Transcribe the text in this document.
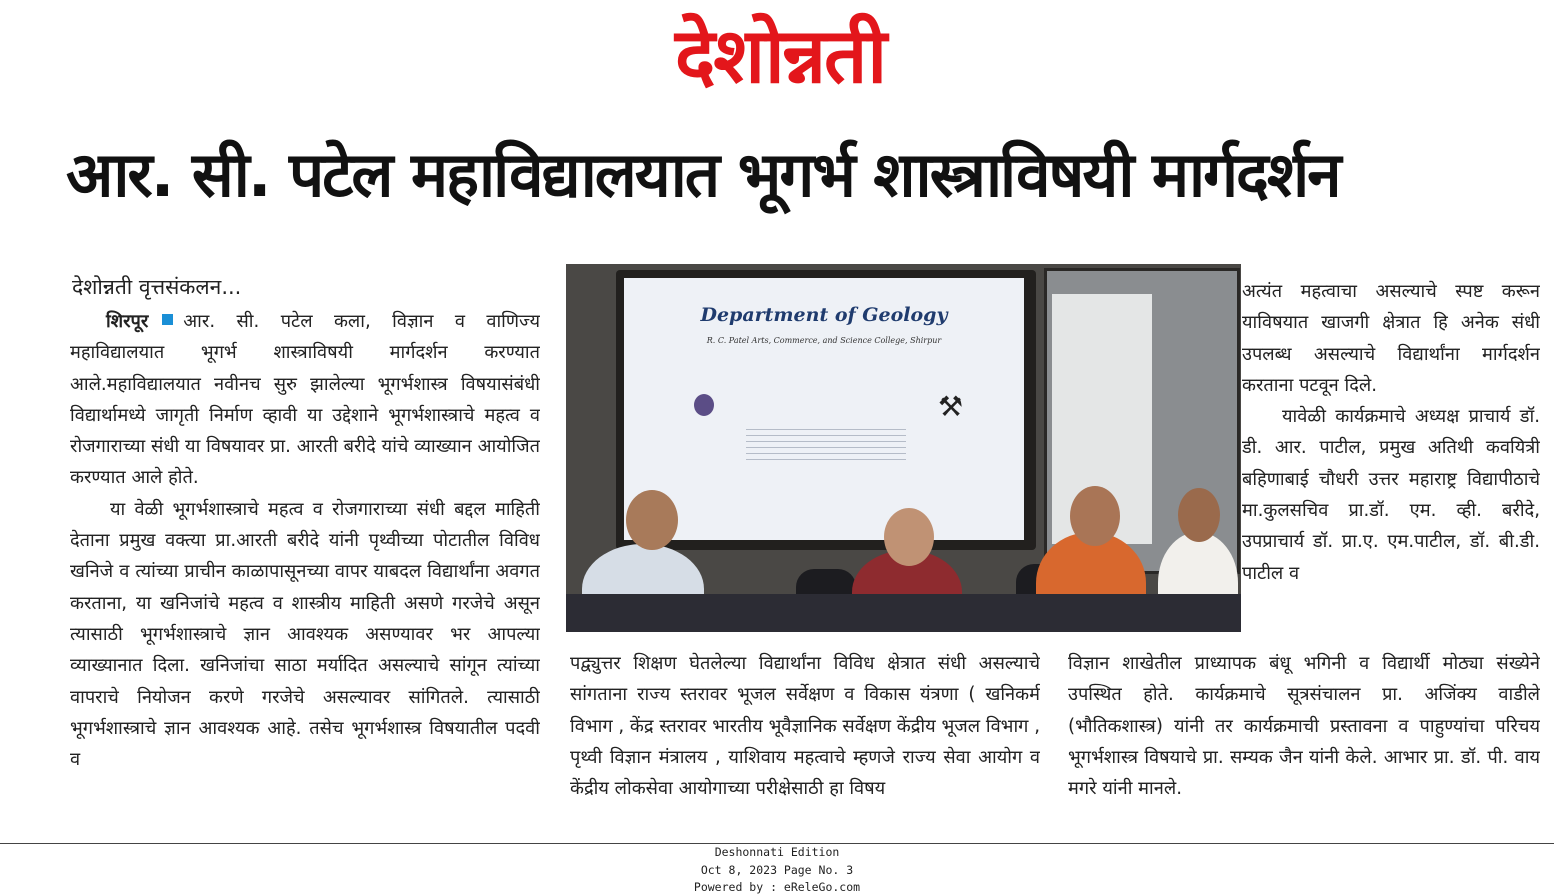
देशोन्नती
आर. सी. पटेल महाविद्यालयात भूगर्भ शास्त्राविषयी मार्गदर्शन
देशोन्नती वृत्तसंकलन...

शिरपूर आर. सी. पटेल कला, विज्ञान व वाणिज्य महाविद्यालयात भूगर्भ शास्त्राविषयी मार्गदर्शन करण्यात आले.महाविद्यालयात नवीनच सुरु झालेल्या भूगर्भशास्त्र विषयासंबंधी विद्यार्थामध्ये जागृती निर्माण व्हावी या उद्देशाने भूगर्भशास्त्राचे महत्व व रोजगाराच्या संधी या विषयावर प्रा. आरती बरीदे यांचे व्याख्यान आयोजित करण्यात आले होते.

या वेळी भूगर्भशास्त्राचे महत्व व रोजगाराच्या संधी बद्दल माहिती देताना प्रमुख वक्त्या प्रा.आरती बरीदे यांनी पृथ्वीच्या पोटातील विविध खनिजे व त्यांच्या प्राचीन काळापासूनच्या वापर याबदल विद्यार्थांना अवगत करताना, या खनिजांचे महत्व व शास्त्रीय माहिती असणे गरजेचे असून त्यासाठी भूगर्भशास्त्राचे ज्ञान आवश्यक असण्यावर भर आपल्या व्याख्यानात दिला. खनिजांचा साठा मर्यादित असल्याचे सांगून त्यांच्या वापराचे नियोजन करणे गरजेचे असल्यावर सांगितले. त्यासाठी भूगर्भशास्त्राचे ज्ञान आवश्यक आहे. तसेच भूगर्भशास्त्र विषयातील पदवी व

Department of Geology
R. C. Patel Arts, Commerce, and Science College, Shirpur
⚒

पद्व्युत्तर शिक्षण घेतलेल्या विद्यार्थांना विविध क्षेत्रात संधी असल्याचे सांगताना राज्य स्तरावर भूजल सर्वेक्षण व विकास यंत्रणा ( खनिकर्म विभाग , केंद्र स्तरावर भारतीय भूवैज्ञानिक सर्वेक्षण केंद्रीय भूजल विभाग , पृथ्वी विज्ञान मंत्रालय , याशिवाय महत्वाचे म्हणजे राज्य सेवा आयोग व केंद्रीय लोकसेवा आयोगाच्या परीक्षेसाठी हा विषय

अत्यंत महत्वाचा असल्याचे स्पष्ट करून याविषयात खाजगी क्षेत्रात हि अनेक संधी उपलब्ध असल्याचे विद्यार्थांना मार्गदर्शन करताना पटवून दिले.

यावेळी कार्यक्रमाचे अध्यक्ष प्राचार्य डॉ. डी. आर. पाटील, प्रमुख अतिथी कवयित्री बहिणाबाई चौधरी उत्तर महाराष्ट्र विद्यापीठाचे मा.कुलसचिव प्रा.डॉ. एम. व्ही. बरीदे, उपप्राचार्य डॉ. प्रा.ए. एम.पाटील, डॉ. बी.डी. पाटील व

विज्ञान शाखेतील प्राध्यापक बंधू भगिनी व विद्यार्थी मोठ्या संख्येने उपस्थित होते. कार्यक्रमाचे सूत्रसंचालन प्रा. अजिंक्य वाडीले (भौतिकशास्त्र) यांनी तर कार्यक्रमाची प्रस्तावना व पाहुण्यांचा परिचय भूगर्भशास्त्र विषयाचे प्रा. सम्यक जैन यांनी केले. आभार प्रा. डॉ. पी. वाय मगरे यांनी मानले.

Deshonnati Edition
Oct 8, 2023 Page No. 3
Powered by : eReleGo.com
